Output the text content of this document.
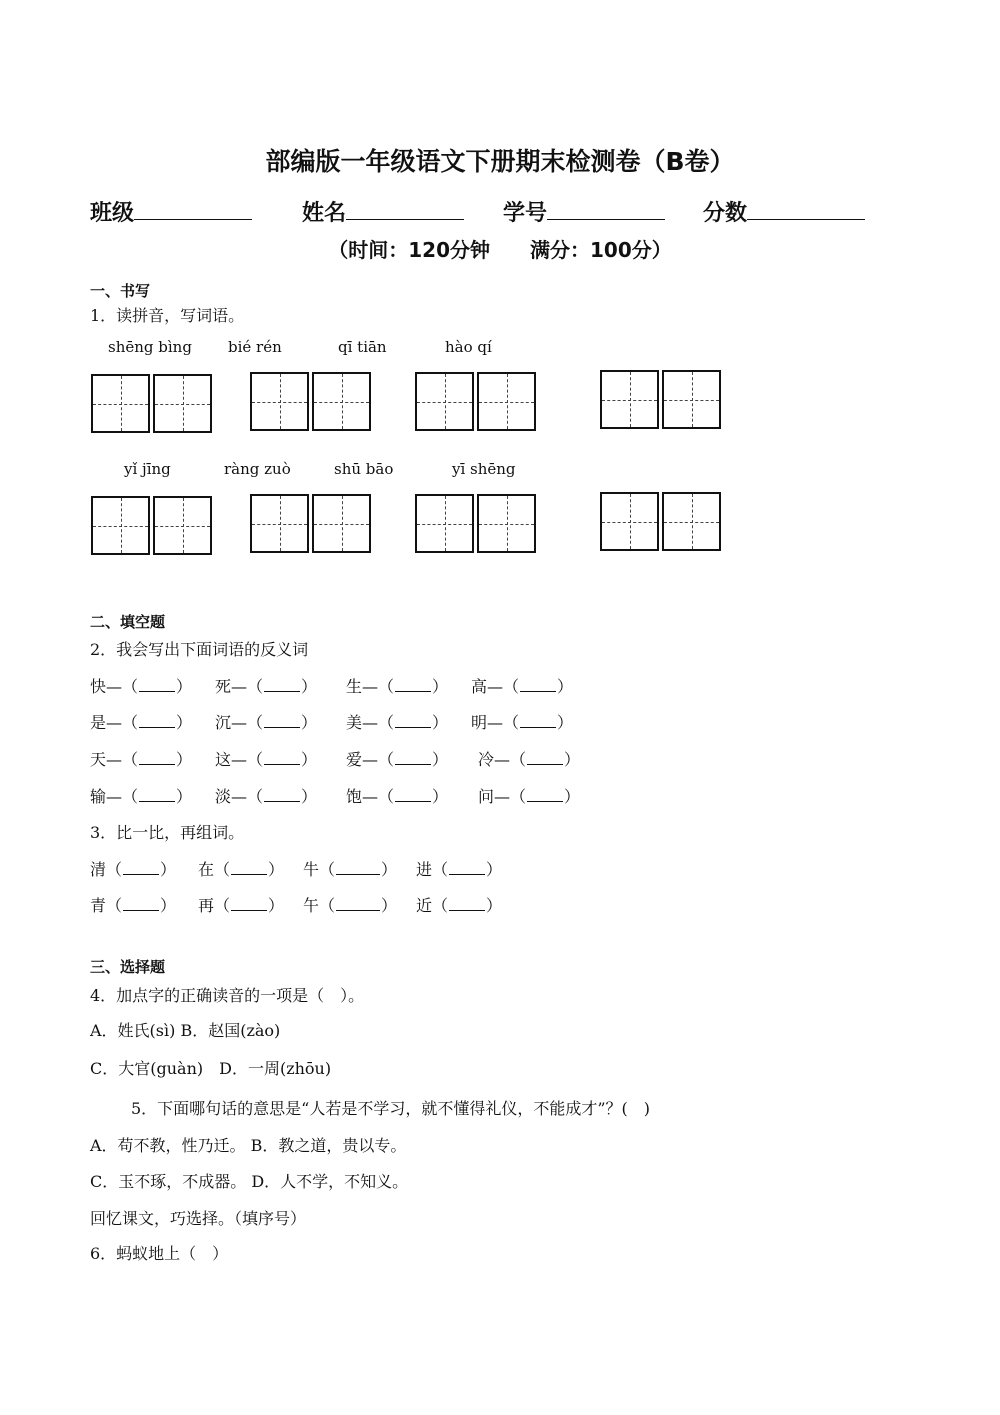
部编版一年级语文下册期末检测卷（B卷）
班级	姓名	学号	分数
（时间：120分钟　　满分：100分）
一、书写
1．读拼音，写词语。
shēng bìng bié rén	qī tiān	hào qí
yǐ jīng	ràng zuò	shū bāo	yī shēng
二、填空题
2．我会写出下面词语的反义词
快—（ ） 死—（ ） 生—（ ） 高—（ ）
是—（ ） 沉—（ ） 美—（ ） 明—（ ）
天—（ ） 这—（ ） 爱—（ ） 冷—（ ）
输—（ ） 淡—（ ） 饱—（ ） 问—（ ）
3．比一比，再组词。
清（ ） 在（ ） 牛（	） 进（ ）
青（ ） 再（ ） 午（	） 近（ ）
三、选择题
4．加点字的正确读音的一项是（　）。
A．姓氏(sì) B．赵国(zào)
C．大官(guàn)　D．一周(zhōu)
5．下面哪句话的意思是“人若是不学习，就不懂得礼仪，不能成才”？(　)
A．苟不教，性乃迁。 B．教之道，贵以专。
C．玉不琢，不成器。 D．人不学，不知义。
回忆课文，巧选择。（填序号）
6．蚂蚁地上（　）
